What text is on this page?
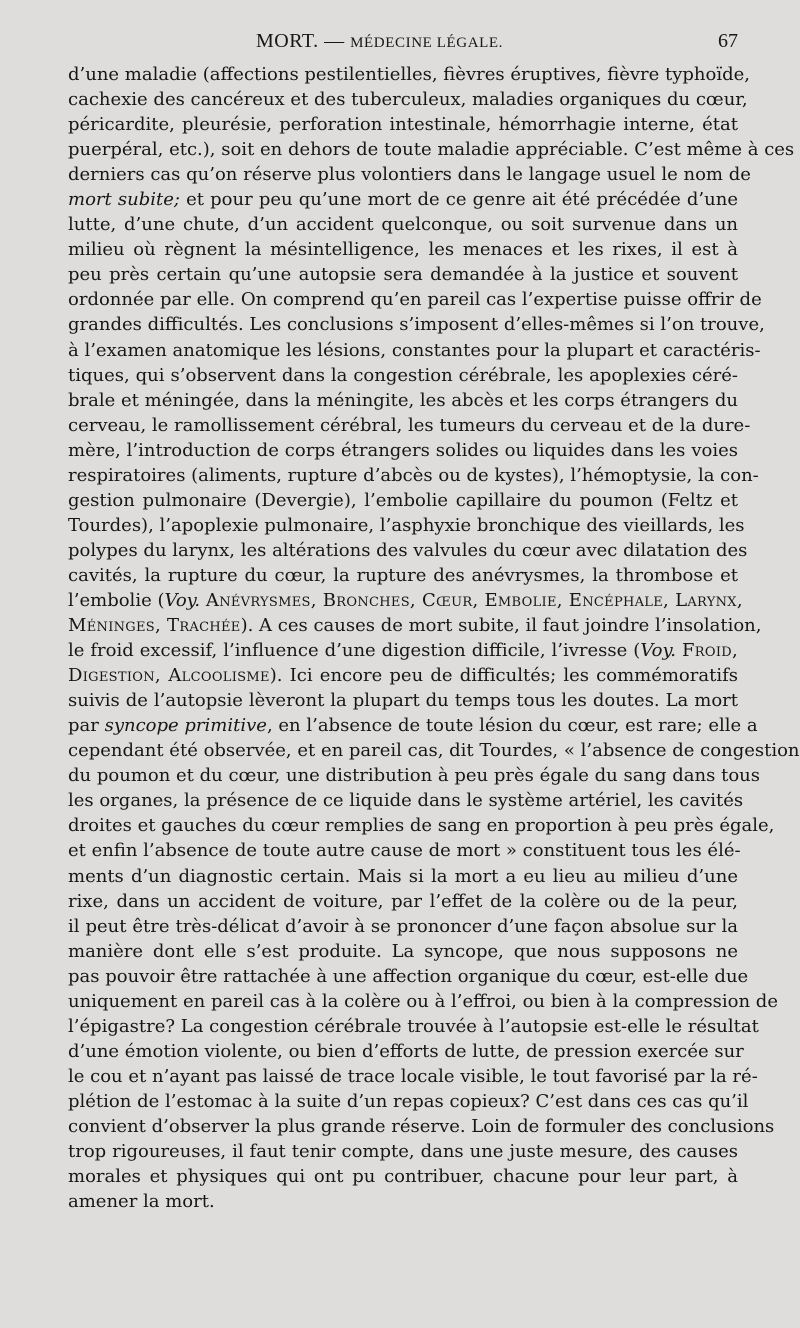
MORT. — MÉDECINE LÉGALE.	67
d’une maladie (affections pestilentielles, fièvres éruptives, fièvre typhoïde,
cachexie des cancéreux et des tuberculeux, maladies organiques du cœur,
péricardite, pleurésie, perforation intestinale, hémorrhagie interne, état
puerpéral, etc.), soit en dehors de toute maladie appréciable. C’est même à ces
derniers cas qu’on réserve plus volontiers dans le langage usuel le nom de
mort subite; et pour peu qu’une mort de ce genre ait été précédée d’une
lutte, d’une chute, d’un accident quelconque, ou soit survenue dans un
milieu où règnent la mésintelligence, les menaces et les rixes, il est à
peu près certain qu’une autopsie sera demandée à la justice et souvent
ordonnée par elle. On comprend qu’en pareil cas l’expertise puisse offrir de
grandes difficultés. Les conclusions s’imposent d’elles-mêmes si l’on trouve,
à l’examen anatomique les lésions, constantes pour la plupart et caractéris-
tiques, qui s’observent dans la congestion cérébrale, les apoplexies céré-
brale et méningée, dans la méningite, les abcès et les corps étrangers du
cerveau, le ramollissement cérébral, les tumeurs du cerveau et de la dure-
mère, l’introduction de corps étrangers solides ou liquides dans les voies
respiratoires (aliments, rupture d’abcès ou de kystes), l’hémoptysie, la con-
gestion pulmonaire (Devergie), l’embolie capillaire du poumon (Feltz et
Tourdes), l’apoplexie pulmonaire, l’asphyxie bronchique des vieillards, les
polypes du larynx, les altérations des valvules du cœur avec dilatation des
cavités, la rupture du cœur, la rupture des anévrysmes, la thrombose et
l’embolie (Voy. Anévrysmes, Bronches, Cœur, Embolie, Encéphale, Larynx,
Méninges, Trachée). A ces causes de mort subite, il faut joindre l’insolation,
le froid excessif, l’influence d’une digestion difficile, l’ivresse (Voy. Froid,
Digestion, Alcoolisme). Ici encore peu de difficultés; les commémoratifs
suivis de l’autopsie lèveront la plupart du temps tous les doutes. La mort
par syncope primitive, en l’absence de toute lésion du cœur, est rare; elle a
cependant été observée, et en pareil cas, dit Tourdes, « l’absence de congestion
du poumon et du cœur, une distribution à peu près égale du sang dans tous
les organes, la présence de ce liquide dans le système artériel, les cavités
droites et gauches du cœur remplies de sang en proportion à peu près égale,
et enfin l’absence de toute autre cause de mort » constituent tous les élé-
ments d’un diagnostic certain. Mais si la mort a eu lieu au milieu d’une
rixe, dans un accident de voiture, par l’effet de la colère ou de la peur,
il peut être très-délicat d’avoir à se prononcer d’une façon absolue sur la
manière dont elle s’est produite. La syncope, que nous supposons ne
pas pouvoir être rattachée à une affection organique du cœur, est-elle due
uniquement en pareil cas à la colère ou à l’effroi, ou bien à la compression de
l’épigastre? La congestion cérébrale trouvée à l’autopsie est-elle le résultat
d’une émotion violente, ou bien d’efforts de lutte, de pression exercée sur
le cou et n’ayant pas laissé de trace locale visible, le tout favorisé par la ré-
plétion de l’estomac à la suite d’un repas copieux? C’est dans ces cas qu’il
convient d’observer la plus grande réserve. Loin de formuler des conclusions
trop rigoureuses, il faut tenir compte, dans une juste mesure, des causes
morales et physiques qui ont pu contribuer, chacune pour leur part, à
amener la mort.
